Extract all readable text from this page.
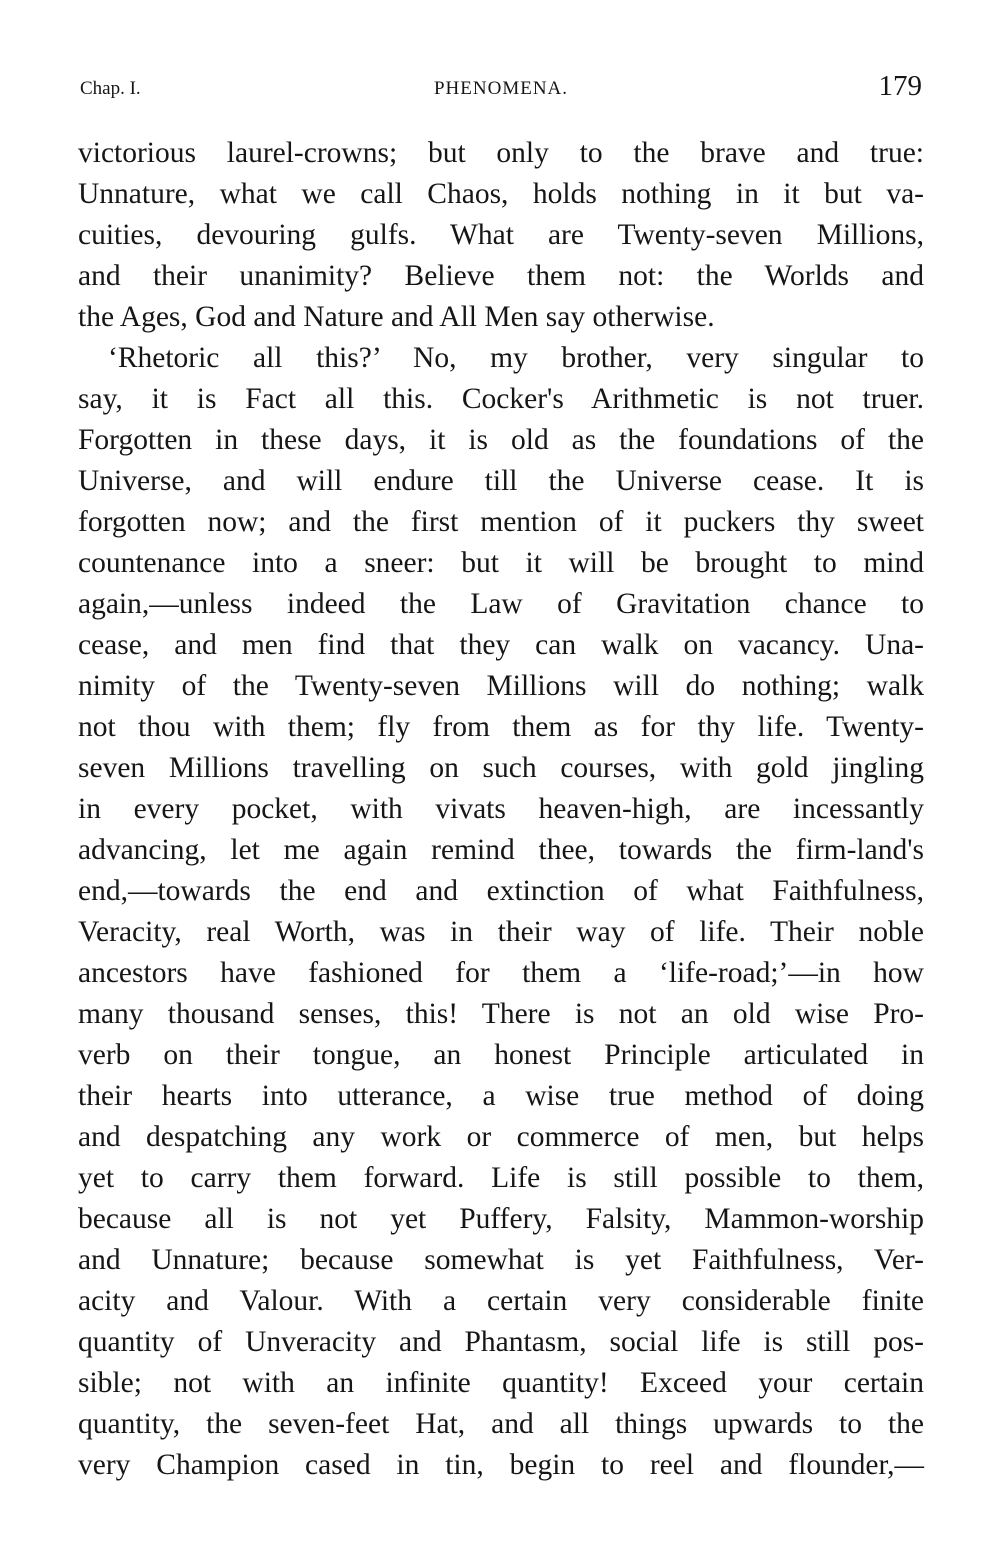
Chap. I.	PHENOMENA.	179
victorious laurel-crowns; but only to the brave and true:
Unnature, what we call Chaos, holds nothing in it but va-
cuities, devouring gulfs. What are Twenty-seven Millions,
and their unanimity? Believe them not: the Worlds and
the Ages, God and Nature and All Men say otherwise.
‘Rhetoric all this?’ No, my brother, very singular to
say, it is Fact all this. Cocker's Arithmetic is not truer.
Forgotten in these days, it is old as the foundations of the
Universe, and will endure till the Universe cease. It is
forgotten now; and the first mention of it puckers thy sweet
countenance into a sneer: but it will be brought to mind
again,—unless indeed the Law of Gravitation chance to
cease, and men find that they can walk on vacancy. Una-
nimity of the Twenty-seven Millions will do nothing; walk
not thou with them; fly from them as for thy life. Twenty-
seven Millions travelling on such courses, with gold jingling
in every pocket, with vivats heaven-high, are incessantly
advancing, let me again remind thee, towards the firm-land's
end,—towards the end and extinction of what Faithfulness,
Veracity, real Worth, was in their way of life. Their noble
ancestors have fashioned for them a ‘life-road;’—in how
many thousand senses, this! There is not an old wise Pro-
verb on their tongue, an honest Principle articulated in
their hearts into utterance, a wise true method of doing
and despatching any work or commerce of men, but helps
yet to carry them forward. Life is still possible to them,
because all is not yet Puffery, Falsity, Mammon-worship
and Unnature; because somewhat is yet Faithfulness, Ver-
acity and Valour. With a certain very considerable finite
quantity of Unveracity and Phantasm, social life is still pos-
sible; not with an infinite quantity! Exceed your certain
quantity, the seven-feet Hat, and all things upwards to the
very Champion cased in tin, begin to reel and flounder,—
